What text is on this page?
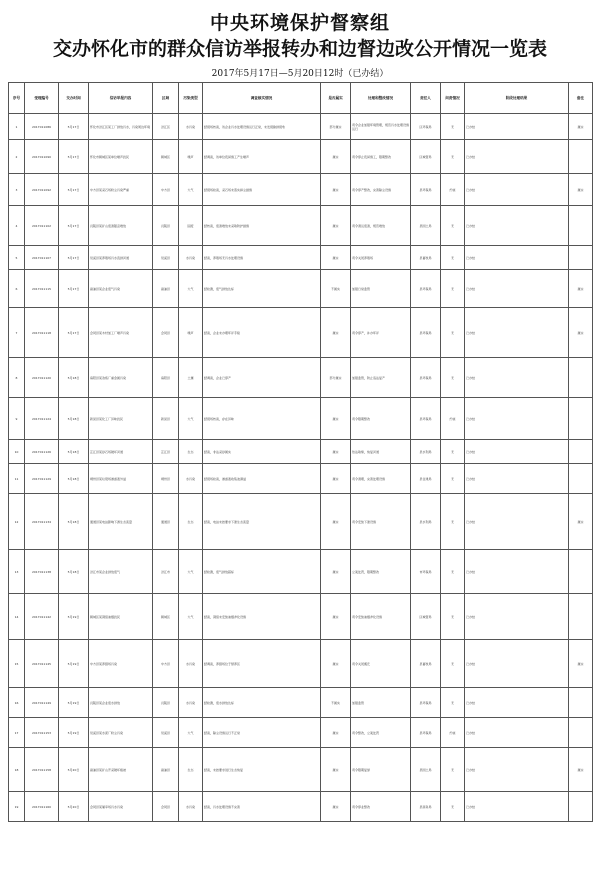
中央环境保护督察组
交办怀化市的群众信访举报转办和边督边改公开情况一览表
2017年5月17日—5月20日12时（已办结）
序号	受理编号	交办时间	信访举报内容	区域	污染类型	调查核实情况	是否属实	处理和整改情况	责任人	问责情况	阶段处理结果	备注
1	2017011086	5月17日	怀化市洪江区某工厂排放污水，污染周边环境	洪江区	水污染	经现场核查，该企业污水处理设施运行正常，未发现偷排现象	部分属实	责令企业加强环境管理，规范污水处理设施运行	区环保局	无	已办结	属实
2	2017011090	5月17日	怀化市鹤城区某单位噪声扰民	鹤城区	噪声	经调查，该单位夜间施工产生噪声	属实	责令停止夜间施工，限期整改	区城管局	无	已办结	
3	2017011092	5月17日	中方县某采石场粉尘污染严重	中方县	大气	经现场检查，采石场未落实抑尘措施	属实	责令停产整改，完善除尘设施	县环保局	约谈	已办结	属实
4	2017011102	5月17日	沅陵县某矿山废渣随意堆放	沅陵县	固废	经核查，废渣堆放未采取防护措施	属实	责令清运废渣，规范堆放	县国土局	无	已办结	
5	2017011107	5月17日	辰溪县某养殖场污水直排河道	辰溪县	水污染	经查，养殖场无污水处理设施	属实	责令关闭养殖场	县畜牧局	无	已办结	
6	2017011115	5月17日	溆浦县某企业废气污染	溆浦县	大气	经检测，废气排放达标	不属实	加强日常监管	县环保局	无	已办结	属实
7	2017011118	5月17日	会同县某木材加工厂噪声污染	会同县	噪声	经查，企业未办理环评手续	属实	责令停产，补办环评	县环保局	无	已办结	属实
8	2017011120	5月18日	麻阳县某冶炼厂重金属污染	麻阳县	土壤	经调查，企业已停产	部分属实	加强监管，防止违法复产	县环保局	无	已办结	
9	2017011124	5月18日	新晃县某化工厂异味扰民	新晃县	大气	经现场核查，存在异味	属实	责令限期整改	县环保局	约谈	已办结	
10	2017011126	5月18日	芷江县某砂石场破坏河道	芷江县	生态	经查，非法采砂属实	属实	依法取缔，恢复河道	县水利局	无	已办结	
11	2017011129	5月18日	靖州县某垃圾场渗滤液外溢	靖州县	水污染	经现场检查，渗滤液收集池满溢	属实	责令清理，完善处理设施	县住建局	无	已办结	
12	2017011134	5月18日	通道县某电站影响下游生态流量	通道县	生态	经查，电站未按要求下泄生态流量	属实	责令安装下泄设施	县水利局	无	已办结	属实
13	2017011138	5月18日	洪江市某企业排放废气	洪江市	大气	经检测，废气排放超标	属实	立案处罚，限期整改	市环保局	无	已办结	
14	2017011142	5月19日	鹤城区某餐馆油烟扰民	鹤城区	大气	经查，餐馆未安装油烟净化设施	属实	责令安装油烟净化设施	区城管局	无	已办结	
15	2017011145	5月19日	中方县某养猪场污染	中方县	水污染	经调查，养猪场位于禁养区	属实	责令关闭搬迁	县畜牧局	无	已办结	属实
16	2017011149	5月19日	沅陵县某企业废水排放	沅陵县	水污染	经检测，废水排放达标	不属实	加强监管	县环保局	无	已办结	
17	2017011153	5月19日	辰溪县某水泥厂粉尘污染	辰溪县	大气	经查，除尘设施运行不正常	属实	责令整改，立案处罚	县环保局	约谈	已办结	
18	2017011158	5月20日	溆浦县某矿山开采破坏植被	溆浦县	生态	经查，未按要求进行生态恢复	属实	责令限期复绿	县国土局	无	已办结	属实
19	2017011160	5月20日	会同县某屠宰场污水污染	会同县	水污染	经查，污水处理设施不完善	属实	责令停业整改	县商务局	无	已办结	
